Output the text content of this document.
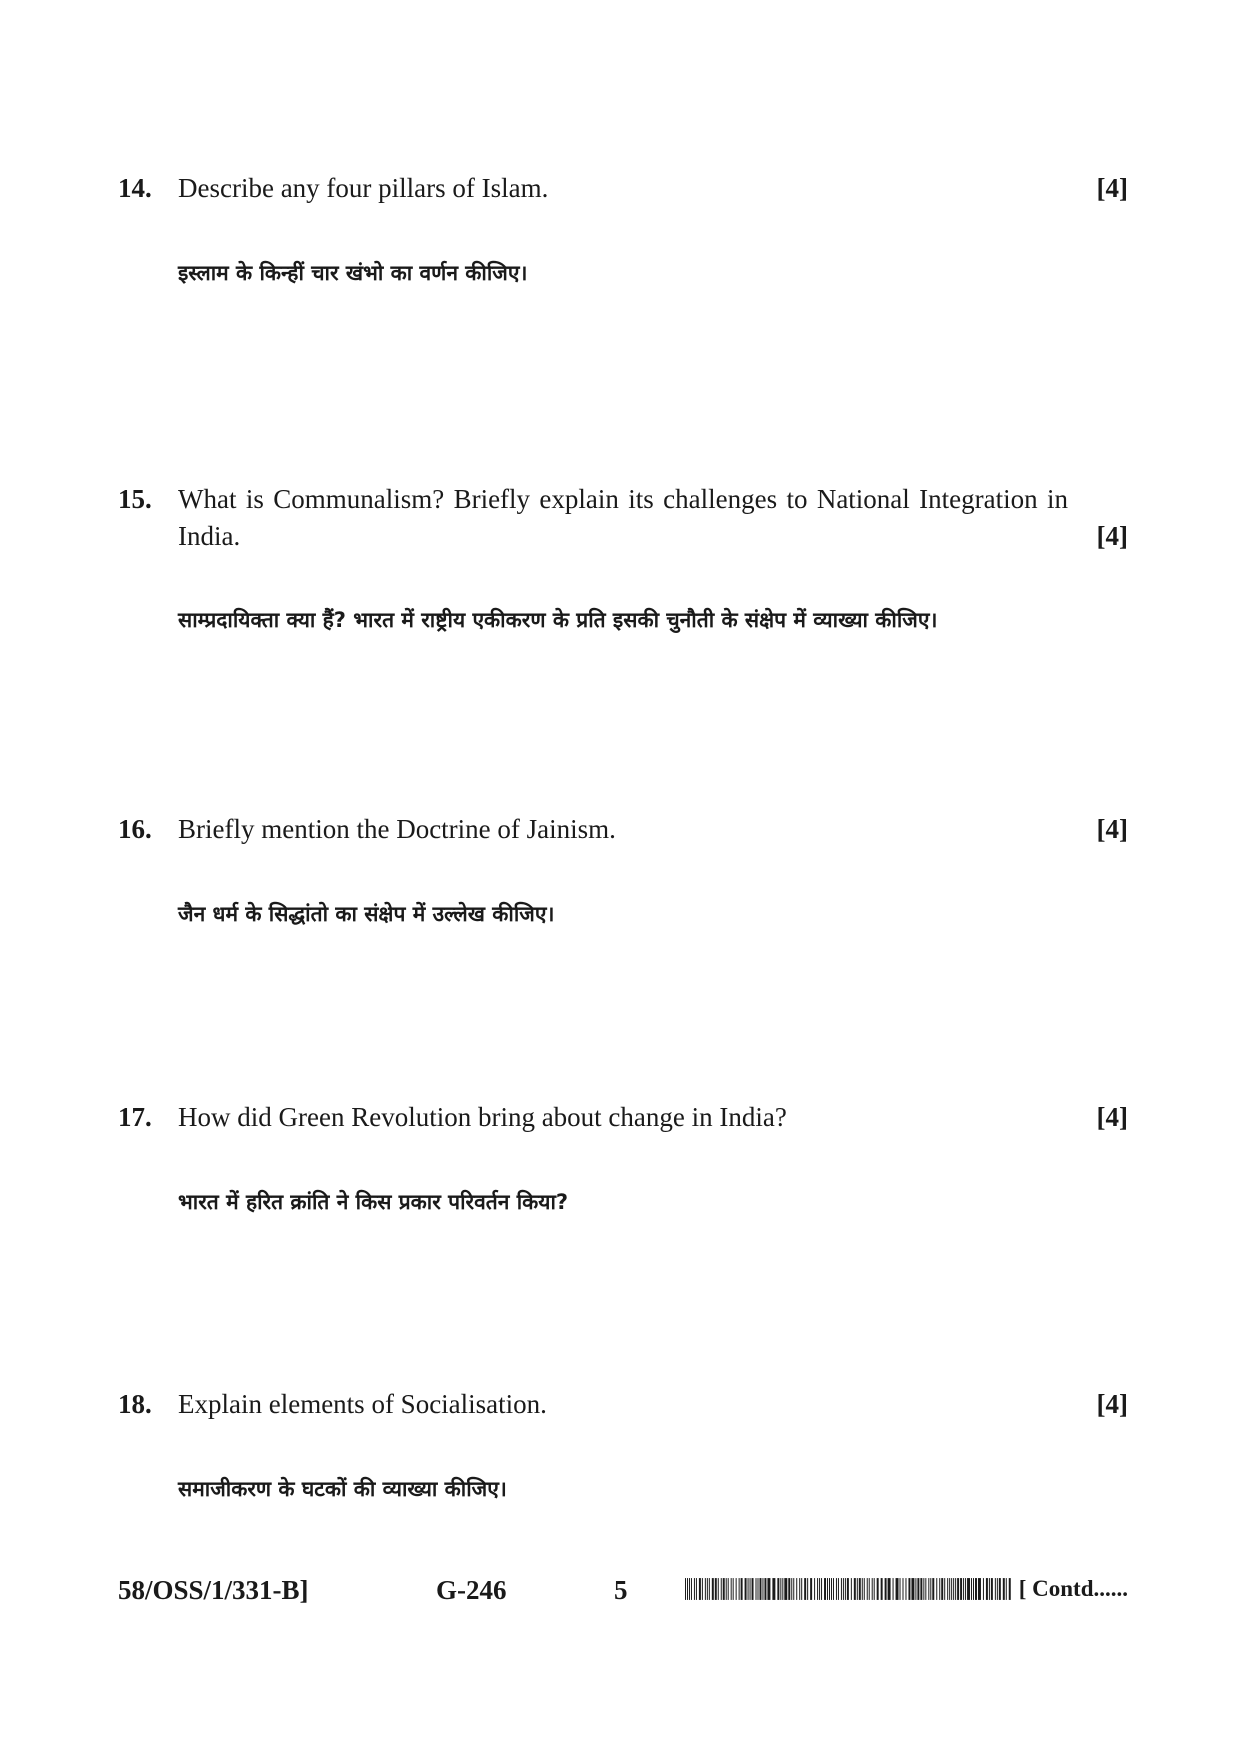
14. Describe any four pillars of Islam.	[4]
इस्लाम के किन्हीं चार खंभो का वर्णन कीजिए।
15. What is Communalism? Briefly explain its challenges to National Integration in India.	[4]
साम्प्रदायिक्ता क्या हैं? भारत में राष्ट्रीय एकीकरण के प्रति इसकी चुनौती के संक्षेप में व्याख्या कीजिए।
16. Briefly mention the Doctrine of Jainism.	[4]
जैन धर्म के सिद्धांतो का संक्षेप में उल्लेख कीजिए।
17. How did Green Revolution bring about change in India?	[4]
भारत में हरित क्रांति ने किस प्रकार परिवर्तन किया?
18. Explain elements of Socialisation.	[4]
समाजीकरण के घटकों की व्याख्या कीजिए।
58/OSS/1/331-B]	G-246	5	[ Contd......
